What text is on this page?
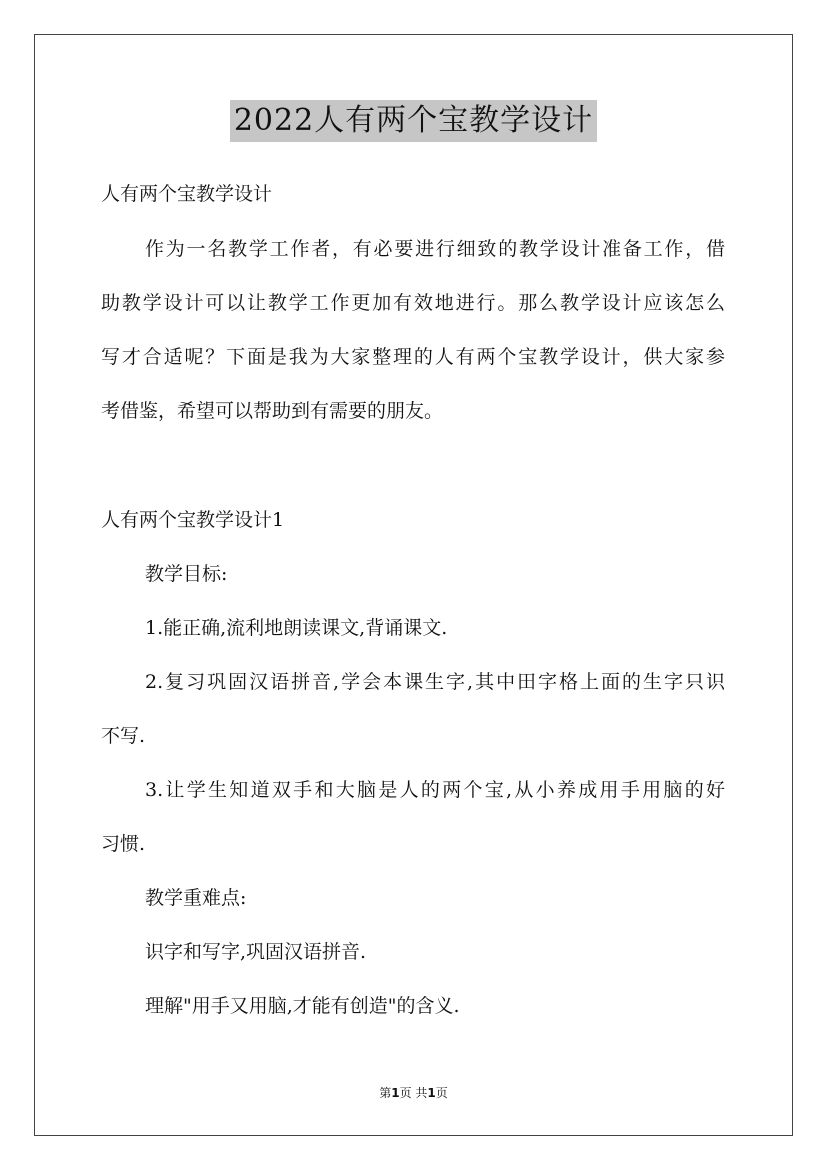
2022人有两个宝教学设计
人有两个宝教学设计
作为一名教学工作者，有必要进行细致的教学设计准备工作，借
助教学设计可以让教学工作更加有效地进行。那么教学设计应该怎么
写才合适呢？下面是我为大家整理的人有两个宝教学设计，供大家参
考借鉴，希望可以帮助到有需要的朋友。
人有两个宝教学设计1
教学目标:
1.能正确,流利地朗读课文,背诵课文.
2.复习巩固汉语拼音,学会本课生字,其中田字格上面的生字只识
不写.
3.让学生知道双手和大脑是人的两个宝,从小养成用手用脑的好
习惯.
教学重难点:
识字和写字,巩固汉语拼音.
理解"用手又用脑,才能有创造"的含义.
第1页 共1页
